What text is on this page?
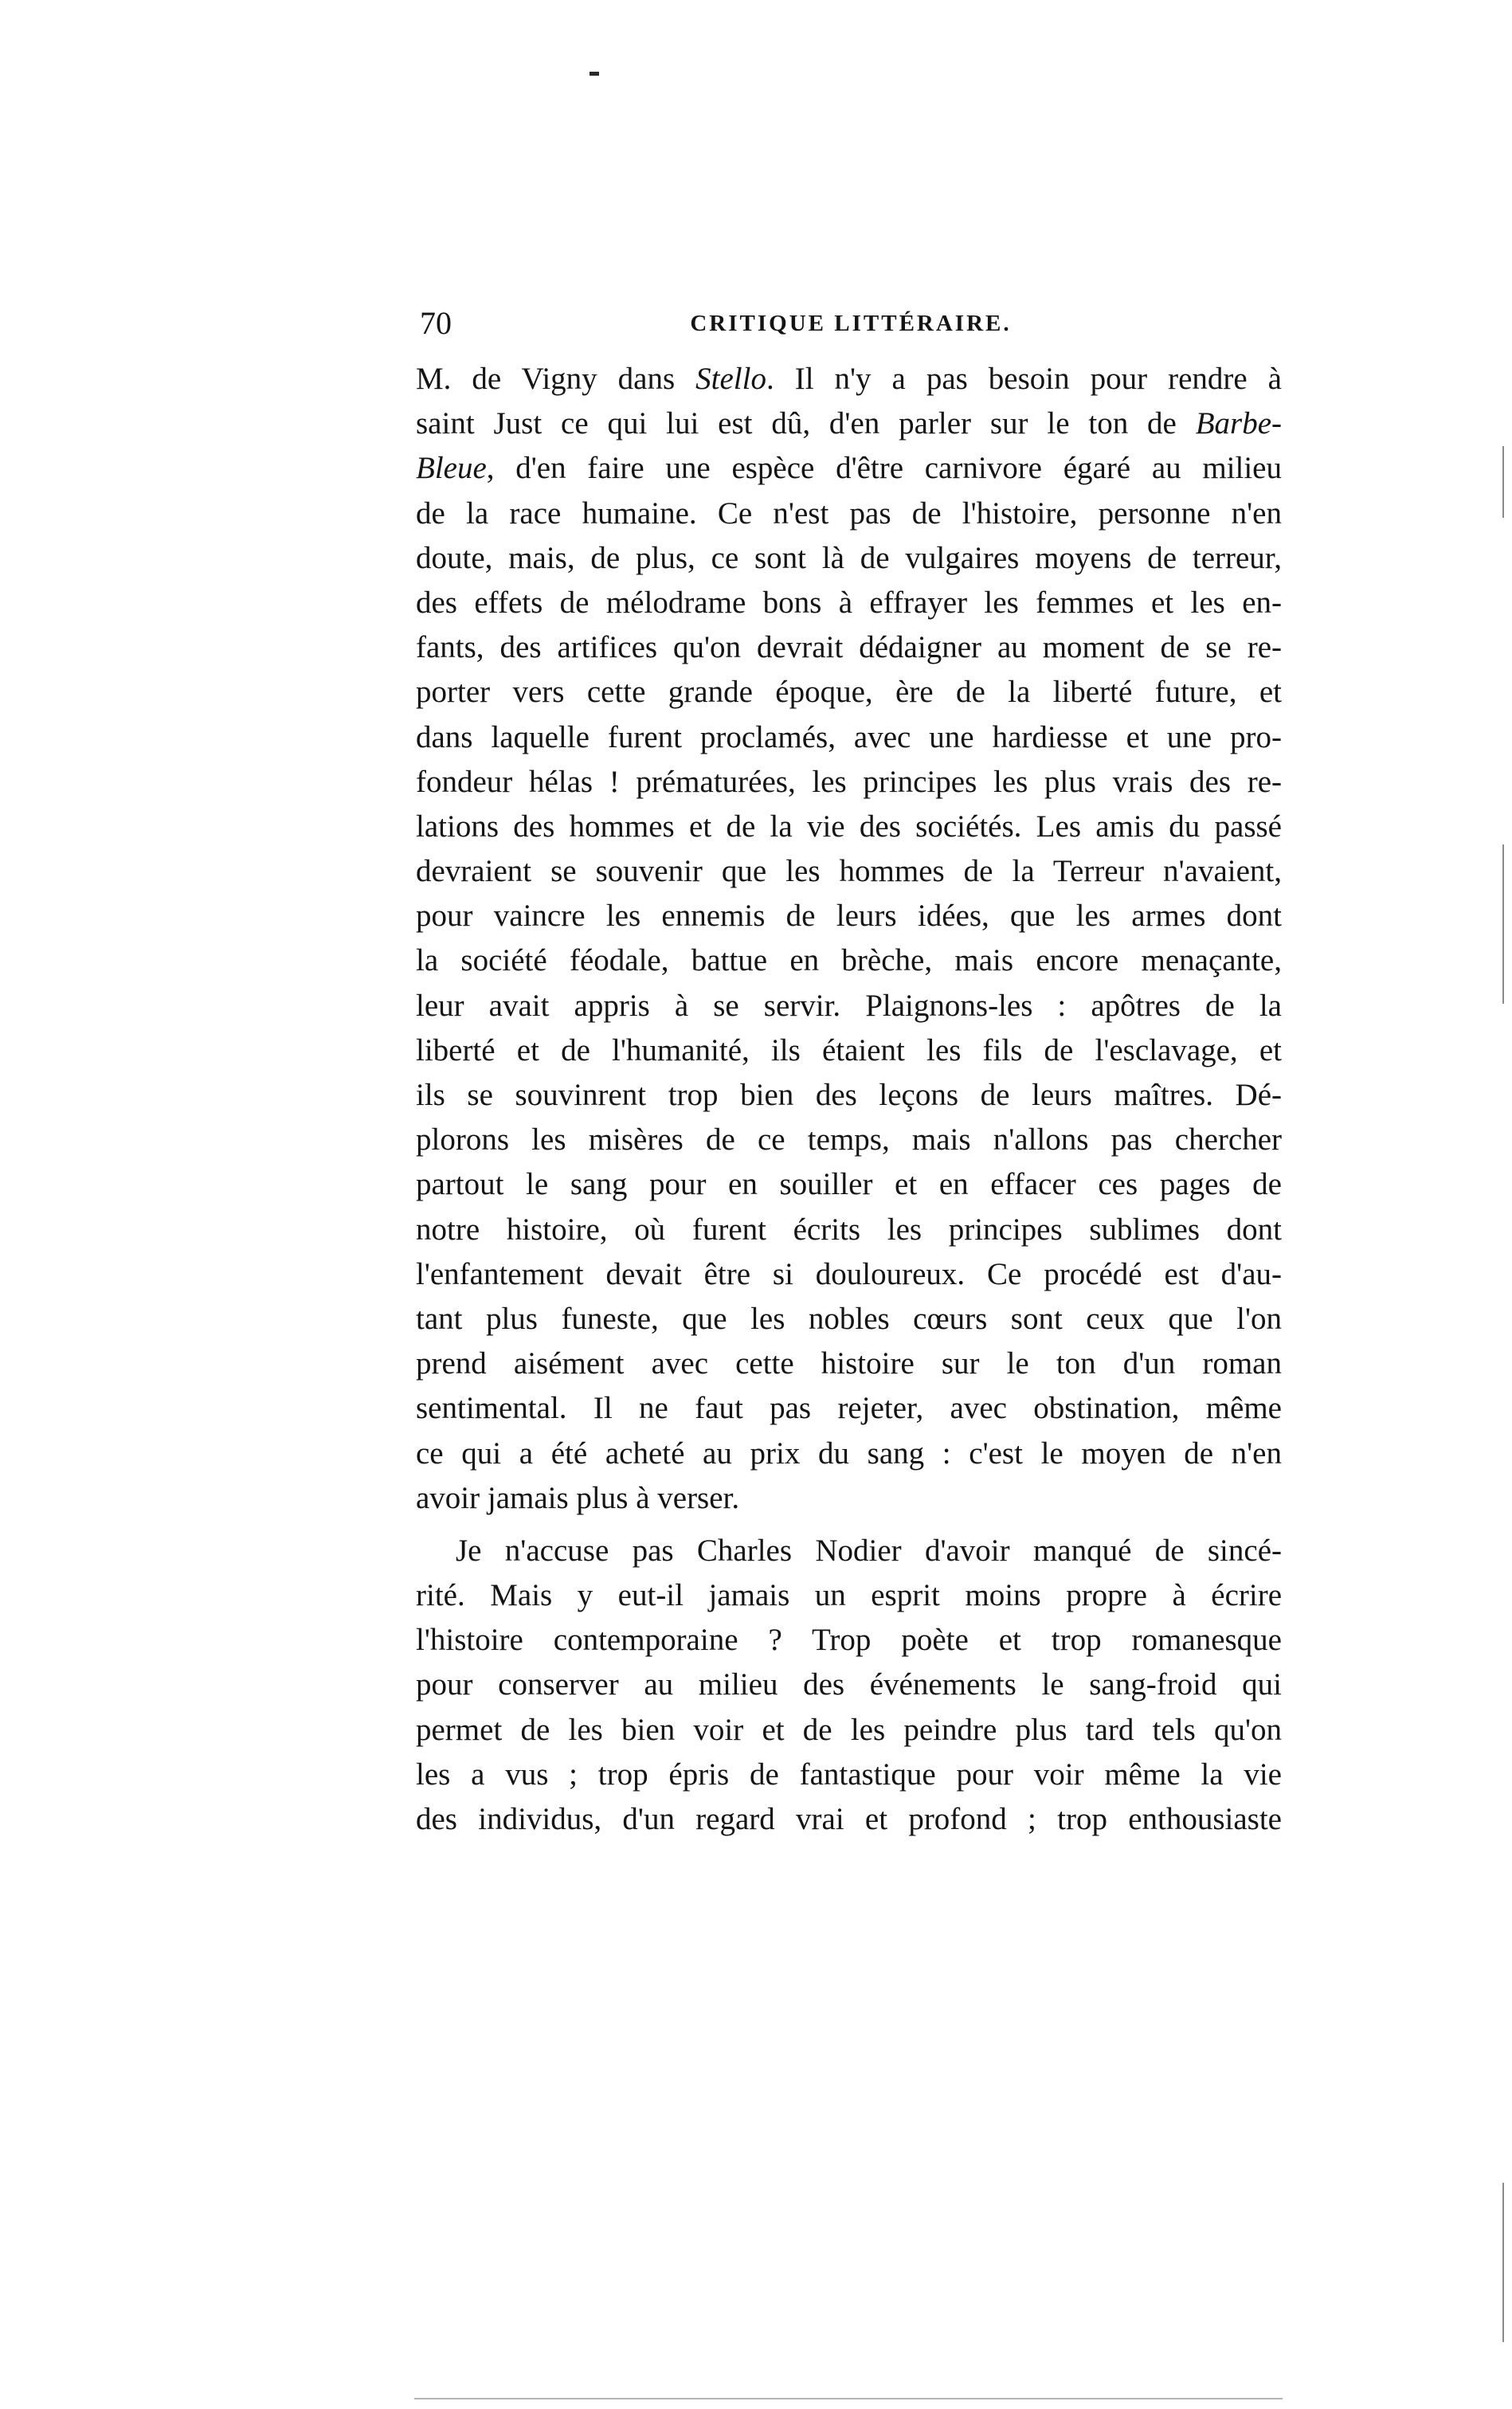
70	CRITIQUE LITTÉRAIRE.
M. de Vigny dans Stello. Il n'y a pas besoin pour rendre à
saint Just ce qui lui est dû, d'en parler sur le ton de Barbe-
Bleue, d'en faire une espèce d'être carnivore égaré au milieu
de la race humaine. Ce n'est pas de l'histoire, personne n'en
doute, mais, de plus, ce sont là de vulgaires moyens de terreur,
des effets de mélodrame bons à effrayer les femmes et les en-
fants, des artifices qu'on devrait dédaigner au moment de se re-
porter vers cette grande époque, ère de la liberté future, et
dans laquelle furent proclamés, avec une hardiesse et une pro-
fondeur hélas ! prématurées, les principes les plus vrais des re-
lations des hommes et de la vie des sociétés. Les amis du passé
devraient se souvenir que les hommes de la Terreur n'avaient,
pour vaincre les ennemis de leurs idées, que les armes dont
la société féodale, battue en brèche, mais encore menaçante,
leur avait appris à se servir. Plaignons-les : apôtres de la
liberté et de l'humanité, ils étaient les fils de l'esclavage, et
ils se souvinrent trop bien des leçons de leurs maîtres. Dé-
plorons les misères de ce temps, mais n'allons pas chercher
partout le sang pour en souiller et en effacer ces pages de
notre histoire, où furent écrits les principes sublimes dont
l'enfantement devait être si douloureux. Ce procédé est d'au-
tant plus funeste, que les nobles cœurs sont ceux que l'on
prend aisément avec cette histoire sur le ton d'un roman
sentimental. Il ne faut pas rejeter, avec obstination, même
ce qui a été acheté au prix du sang : c'est le moyen de n'en
avoir jamais plus à verser.
Je n'accuse pas Charles Nodier d'avoir manqué de sincé-
rité. Mais y eut-il jamais un esprit moins propre à écrire
l'histoire contemporaine ? Trop poète et trop romanesque
pour conserver au milieu des événements le sang-froid qui
permet de les bien voir et de les peindre plus tard tels qu'on
les a vus ; trop épris de fantastique pour voir même la vie
des individus, d'un regard vrai et profond ; trop enthousiaste
